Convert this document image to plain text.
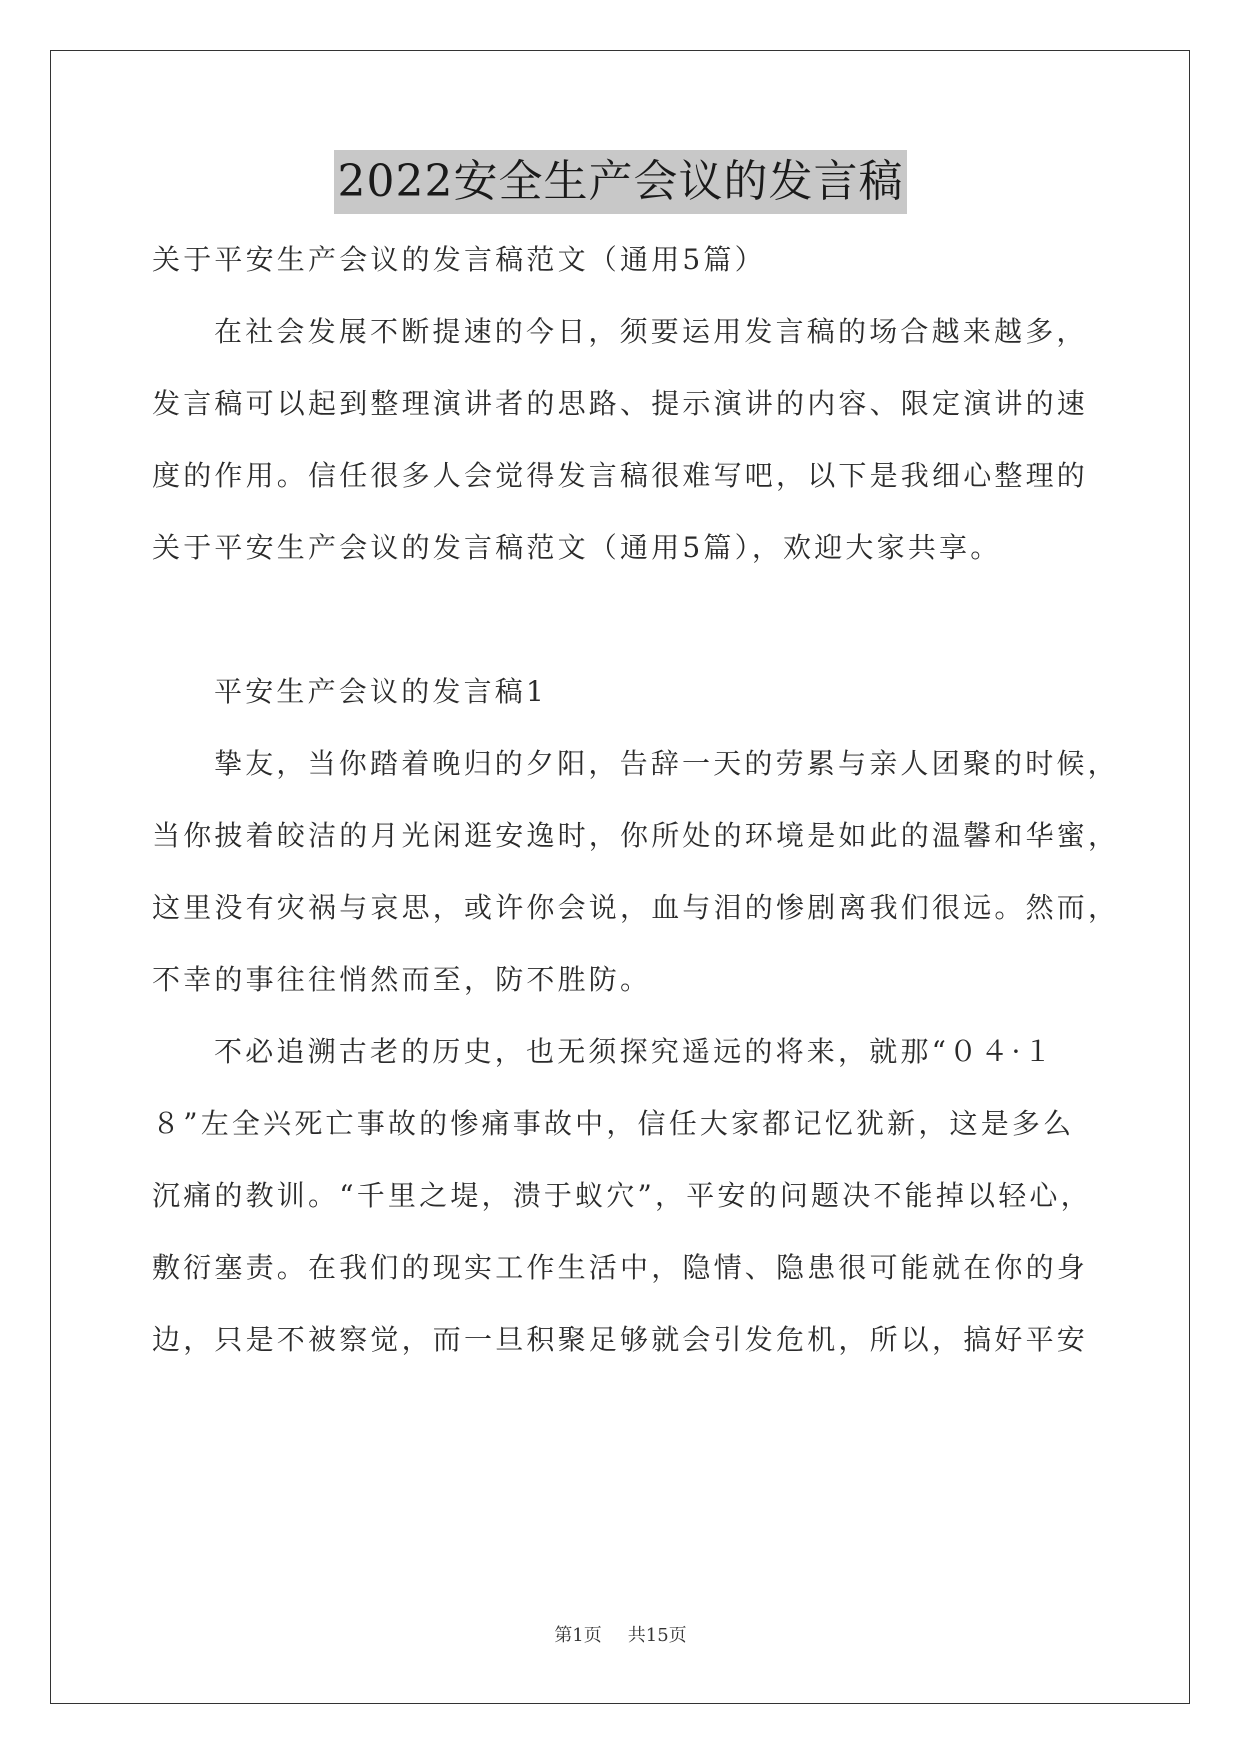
2022安全生产会议的发言稿
关于平安生产会议的发言稿范文（通用5篇）
在社会发展不断提速的今日，须要运用发言稿的场合越来越多，
发言稿可以起到整理演讲者的思路、提示演讲的内容、限定演讲的速
度的作用。信任很多人会觉得发言稿很难写吧，以下是我细心整理的
关于平安生产会议的发言稿范文（通用5篇），欢迎大家共享。
平安生产会议的发言稿1
挚友，当你踏着晚归的夕阳，告辞一天的劳累与亲人团聚的时候，
当你披着皎洁的月光闲逛安逸时，你所处的环境是如此的温馨和华蜜，
这里没有灾祸与哀思，或许你会说，血与泪的惨剧离我们很远。然而，
不幸的事往往悄然而至，防不胜防。
不必追溯古老的历史，也无须探究遥远的将来，就那“０４·１
８”左全兴死亡事故的惨痛事故中，信任大家都记忆犹新，这是多么
沉痛的教训。“千里之堤，溃于蚁穴”，平安的问题决不能掉以轻心，
敷衍塞责。在我们的现实工作生活中，隐情、隐患很可能就在你的身
边，只是不被察觉，而一旦积聚足够就会引发危机，所以，搞好平安
第1页 共15页
